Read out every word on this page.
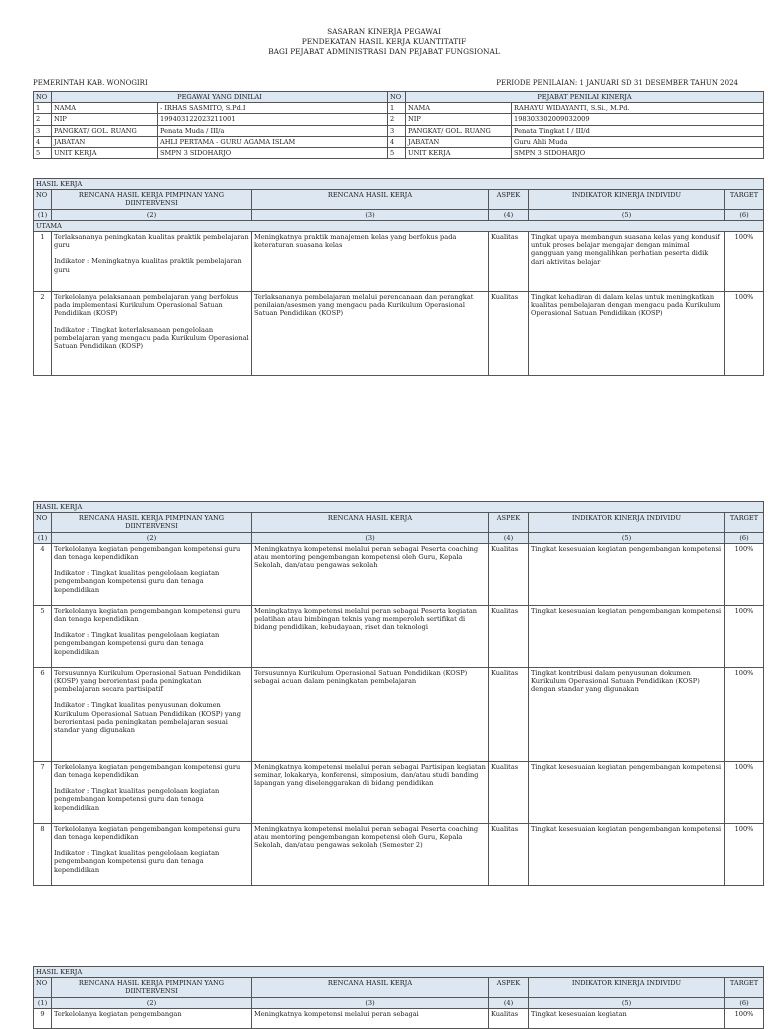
SASARAN KINERJA PEGAWAI
PENDEKATAN HASIL KERJA KUANTITATIF
BAGI PEJABAT ADMINISTRASI DAN PEJABAT FUNGSIONAL
PEMERINTAH KAB. WONOGIRI	PERIODE PENILAIAN: 1 JANUARI SD 31 DESEMBER TAHUN 2024
NO	PEGAWAI YANG DINILAI		NO	PEJABAT PENILAI KINERJA	
1	NAMA	- IRHAS SASMITO, S.Pd.I	1	NAMA	RAHAYU WIDAYANTI, S.Si., M.Pd.
2	NIP	199403122023211001	2	NIP	198303302009032009
3	PANGKAT/ GOL. RUANG	Penata Muda / III/a	3	PANGKAT/ GOL. RUANG	Penata Tingkat I / III/d
4	JABATAN	AHLI PERTAMA - GURU AGAMA ISLAM	4	JABATAN	Guru Ahli Muda
5	UNIT KERJA	SMPN 3 SIDOHARJO	5	UNIT KERJA	SMPN 3 SIDOHARJO
HASIL KERJA					
NO	RENCANA HASIL KERJA PIMPINAN YANG DIINTERVENSI	RENCANA HASIL KERJA	ASPEK	INDIKATOR KINERJA INDIVIDU	TARGET
(1)	(2)	(3)	(4)	(5)	(6)
UTAMA					
1	Terlaksananya peningkatan kualitas praktik pembelajaran guru
Indikator : Meningkatnya kualitas praktik pembelajaran guru	Meningkatnya praktik manajemen kelas yang berfokus pada keteraturan suasana kelas	Kualitas	Tingkat upaya membangun suasana kelas yang kondusif untuk proses belajar mengajar dengan minimal gangguan yang mengalihkan perhatian peserta didik dari aktivitas belajar	100%
2	Terkelolanya pelaksanaan pembelajaran yang berfokus pada implementasi Kurikulum Operasional Satuan Pendidikan (KOSP)
Indikator : Tingkat keterlaksanaan pengelolaan pembelajaran yang mengacu pada Kurikulum Operasional Satuan Pendidikan (KOSP)	Terlaksananya pembelajaran melalui perencanaan dan perangkat penilaian/asesmen yang mengacu pada Kurikulum Operasional Satuan Pendidikan (KOSP)	Kualitas	Tingkat kehadiran di dalam kelas untuk meningkatkan kualitas pembelajaran dengan mengacu pada Kurikulum Operasional Satuan Pendidikan (KOSP)	100%
HASIL KERJA					
NO	RENCANA HASIL KERJA PIMPINAN YANG DIINTERVENSI	RENCANA HASIL KERJA	ASPEK	INDIKATOR KINERJA INDIVIDU	TARGET
(1)	(2)	(3)	(4)	(5)	(6)
4	Terkelolanya kegiatan pengembangan kompetensi guru dan tenaga kependidikan
Indikator : Tingkat kualitas pengelolaan kegiatan pengembangan kompetensi guru dan tenaga kependidikan	Meningkatnya kompetensi melalui peran sebagai Peserta coaching atau mentoring pengembangan kompetensi oleh Guru, Kepala Sekolah, dan/atau pengawas sekolah	Kualitas	Tingkat kesesuaian kegiatan pengembangan kompetensi	100%
5	Terkelolanya kegiatan pengembangan kompetensi guru dan tenaga kependidikan
Indikator : Tingkat kualitas pengelolaan kegiatan pengembangan kompetensi guru dan tenaga kependidikan	Meningkatnya kompetensi melalui peran sebagai Peserta kegiatan pelatihan atau bimbingan teknis yang memperoleh sertifikat di bidang pendidikan, kebudayaan, riset dan teknologi	Kualitas	Tingkat kesesuaian kegiatan pengembangan kompetensi	100%
6	Tersusunnya Kurikulum Operasional Satuan Pendidikan (KOSP) yang berorientasi pada peningkatan pembelajaran secara partisipatif
Indikator : Tingkat kualitas penyusunan dokumen Kurikulum Operasional Satuan Pendidikan (KOSP) yang berorientasi pada peningkatan pembelajaran sesuai standar yang digunakan	Tersusunnya Kurikulum Operasional Satuan Pendidikan (KOSP) sebagai acuan dalam peningkatan pembelajaran	Kualitas	Tingkat kontribusi dalam penyusunan dokumen Kurikulum Operasional Satuan Pendidikan (KOSP) dengan standar yang digunakan	100%
7	Terkelolanya kegiatan pengembangan kompetensi guru dan tenaga kependidikan
Indikator : Tingkat kualitas pengelolaan kegiatan pengembangan kompetensi guru dan tenaga kependidikan	Meningkatnya kompetensi melalui peran sebagai Partisipan kegiatan seminar, lokakarya, konferensi, simposium, dan/atau studi banding lapangan yang diselenggarakan di bidang pendidikan	Kualitas	Tingkat kesesuaian kegiatan pengembangan kompetensi	100%
8	Terkelolanya kegiatan pengembangan kompetensi guru dan tenaga kependidikan
Indikator : Tingkat kualitas pengelolaan kegiatan pengembangan kompetensi guru dan tenaga kependidikan	Meningkatnya kompetensi melalui peran sebagai Peserta coaching atau mentoring pengembangan kompetensi oleh Guru, Kepala Sekolah, dan/atau pengawas sekolah (Semester 2)	Kualitas	Tingkat kesesuaian kegiatan pengembangan kompetensi	100%
HASIL KERJA					
NO	RENCANA HASIL KERJA PIMPINAN YANG DIINTERVENSI	RENCANA HASIL KERJA	ASPEK	INDIKATOR KINERJA INDIVIDU	TARGET
(1)	(2)	(3)	(4)	(5)	(6)
9	Terkelolanya kegiatan pengembangan	Meningkatnya kompetensi melalui peran sebagai	Kualitas	Tingkat kesesuaian kegiatan	100%
